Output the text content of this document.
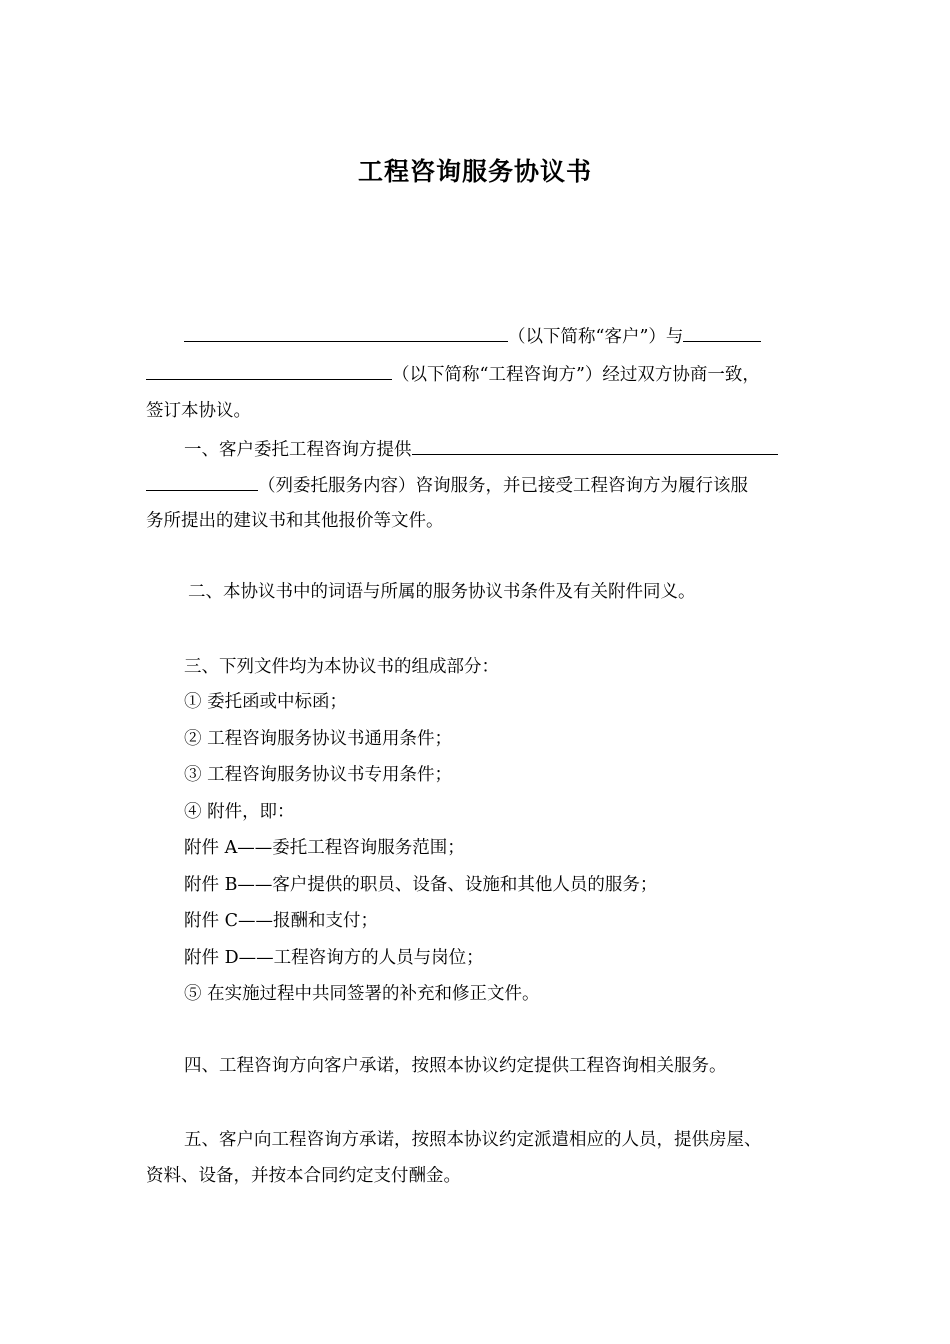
工程咨询服务协议书
（以下简称“客户”）与
（以下简称“工程咨询方”）经过双方协商一致，
签订本协议。
一、客户委托工程咨询方提供
（列委托服务内容）咨询服务，并已接受工程咨询方为履行该服
务所提出的建议书和其他报价等文件。
二、本协议书中的词语与所属的服务协议书条件及有关附件同义。
三、下列文件均为本协议书的组成部分：
① 委托函或中标函；
② 工程咨询服务协议书通用条件；
③ 工程咨询服务协议书专用条件；
④ 附件，即：
附件 A——委托工程咨询服务范围；
附件 B——客户提供的职员、设备、设施和其他人员的服务；
附件 C——报酬和支付；
附件 D——工程咨询方的人员与岗位；
⑤ 在实施过程中共同签署的补充和修正文件。
四、工程咨询方向客户承诺，按照本协议约定提供工程咨询相关服务。
五、客户向工程咨询方承诺，按照本协议约定派遣相应的人员，提供房屋、
资料、设备，并按本合同约定支付酬金。
